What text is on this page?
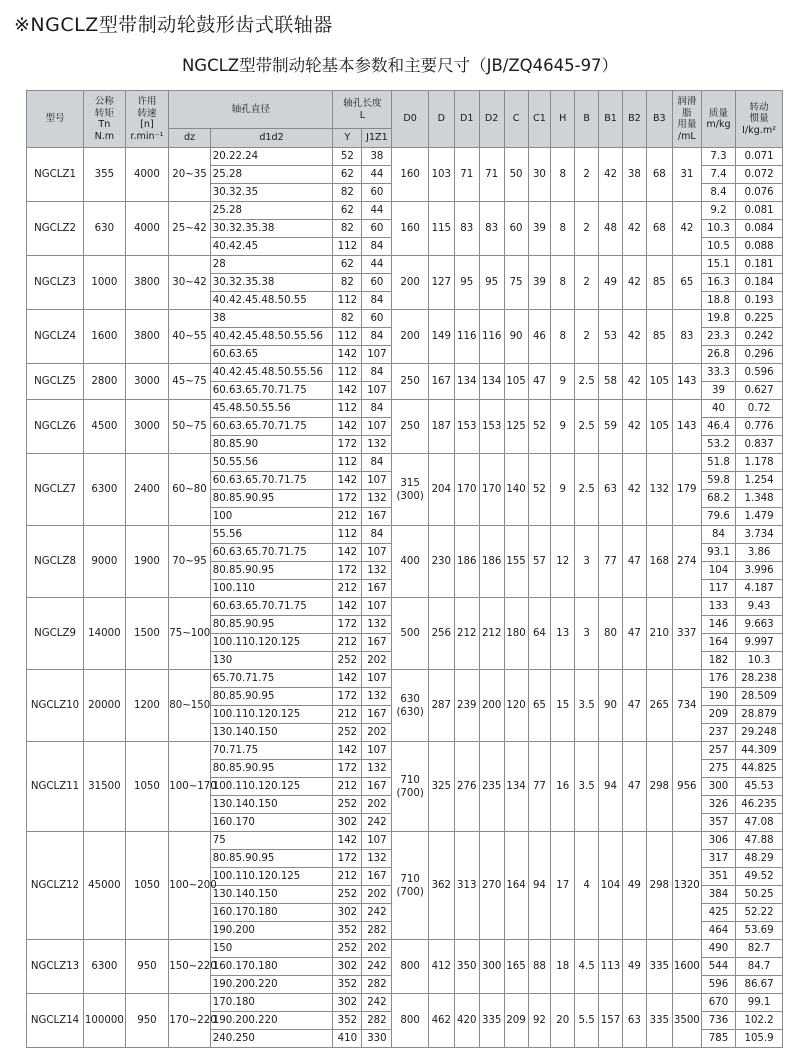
※NGCLZ型带制动轮鼓形齿式联轴器
NGCLZ型带制动轮基本参数和主要尺寸（JB/ZQ4645-97）
型号	公称
转矩
Tn
N.m	许用
转速
[n]
r.min⁻¹	轴孔直径		轴孔长度
L		D0	D	D1	D2	C	C1	H	B	B1	B2	B3	润滑
脂
用量
/mL	质量
m/kg	转动
惯量
I/kg.m²
			dz	d1d2	Y	J1Z1														
NGCLZ1	355	4000	20~35	20.22.24	52	38	160	103	71	71	50	30	8	2	42	38	68	31	7.3	0.071
				25.28	62	44													7.4	0.072
				30.32.35	82	60													8.4	0.076
NGCLZ2	630	4000	25~42	25.28	62	44	160	115	83	83	60	39	8	2	48	42	68	42	9.2	0.081
				30.32.35.38	82	60													10.3	0.084
				40.42.45	112	84													10.5	0.088
NGCLZ3	1000	3800	30~42	28	62	44	200	127	95	95	75	39	8	2	49	42	85	65	15.1	0.181
				30.32.35.38	82	60													16.3	0.184
				40.42.45.48.50.55	112	84													18.8	0.193
NGCLZ4	1600	3800	40~55	38	82	60	200	149	116	116	90	46	8	2	53	42	85	83	19.8	0.225
				40.42.45.48.50.55.56	112	84													23.3	0.242
				60.63.65	142	107													26.8	0.296
NGCLZ5	2800	3000	45~75	40.42.45.48.50.55.56	112	84	250	167	134	134	105	47	9	2.5	58	42	105	143	33.3	0.596
				60.63.65.70.71.75	142	107													39	0.627
NGCLZ6	4500	3000	50~75	45.48.50.55.56	112	84	250	187	153	153	125	52	9	2.5	59	42	105	143	40	0.72
				60.63.65.70.71.75	142	107													46.4	0.776
				80.85.90	172	132													53.2	0.837
NGCLZ7	6300	2400	60~80	50.55.56	112	84	315
(300)	204	170	170	140	52	9	2.5	63	42	132	179	51.8	1.178
				60.63.65.70.71.75	142	107													59.8	1.254
				80.85.90.95	172	132													68.2	1.348
				100	212	167													79.6	1.479
NGCLZ8	9000	1900	70~95	55.56	112	84	400	230	186	186	155	57	12	3	77	47	168	274	84	3.734
				60.63.65.70.71.75	142	107													93.1	3.86
				80.85.90.95	172	132													104	3.996
				100.110	212	167													117	4.187
NGCLZ9	14000	1500	75~100	60.63.65.70.71.75	142	107	500	256	212	212	180	64	13	3	80	47	210	337	133	9.43
				80.85.90.95	172	132													146	9.663
				100.110.120.125	212	167													164	9.997
				130	252	202													182	10.3
NGCLZ10	20000	1200	80~150	65.70.71.75	142	107	630
(630)	287	239	200	120	65	15	3.5	90	47	265	734	176	28.238
				80.85.90.95	172	132													190	28.509
				100.110.120.125	212	167													209	28.879
				130.140.150	252	202													237	29.248
NGCLZ11	31500	1050	100~170	70.71.75	142	107	710
(700)	325	276	235	134	77	16	3.5	94	47	298	956	257	44.309
				80.85.90.95	172	132													275	44.825
				100.110.120.125	212	167													300	45.53
				130.140.150	252	202													326	46.235
				160.170	302	242													357	47.08
NGCLZ12	45000	1050	100~200	75	142	107	710
(700)	362	313	270	164	94	17	4	104	49	298	1320	306	47.88
				80.85.90.95	172	132													317	48.29
				100.110.120.125	212	167													351	49.52
				130.140.150	252	202													384	50.25
				160.170.180	302	242													425	52.22
				190.200	352	282													464	53.69
NGCLZ13	6300	950	150~220	150	252	202	800	412	350	300	165	88	18	4.5	113	49	335	1600	490	82.7
				160.170.180	302	242													544	84.7
				190.200.220	352	282													596	86.67
NGCLZ14	100000	950	170~220	170.180	302	242	800	462	420	335	209	92	20	5.5	157	63	335	3500	670	99.1
				190.200.220	352	282													736	102.2
				240.250	410	330													785	105.9
